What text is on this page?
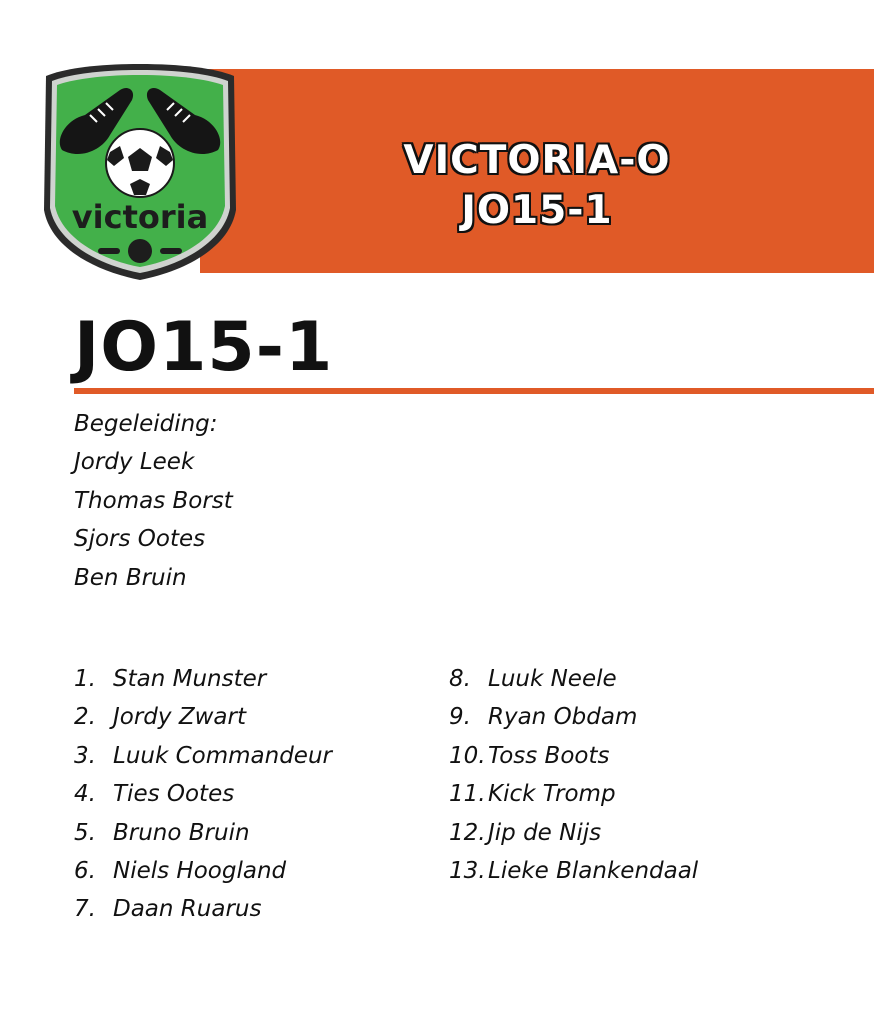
VICTORIA-O
JO15-1
victoria
JO15-1
Begeleiding:
Jordy Leek
Thomas Borst
Sjors Ootes
Ben Bruin
1. Stan Munster
2. Jordy Zwart
3. Luuk Commandeur
4. Ties Ootes
5. Bruno Bruin
6. Niels Hoogland
7. Daan Ruarus
8. Luuk Neele
9. Ryan Obdam
10. Toss Boots
11. Kick Tromp
12. Jip de Nijs
13. Lieke Blankendaal
